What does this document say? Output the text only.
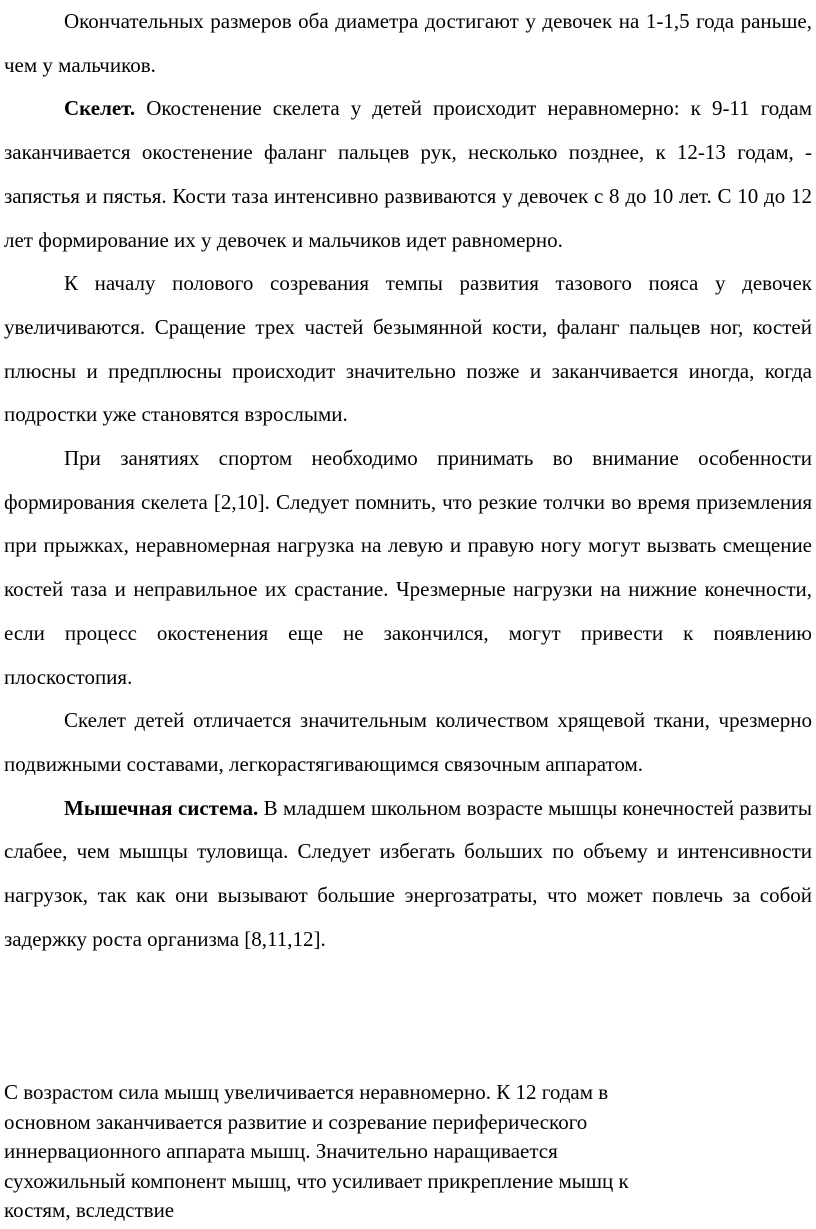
Окончательных размеров оба диаметра достигают у девочек на 1-1,5 года раньше, чем у мальчиков.

Скелет. Окостенение скелета у детей происходит неравномерно: к 9-11 годам заканчивается окостенение фаланг пальцев рук, несколько позднее, к 12-13 годам, - запястья и пястья. Кости таза интенсивно развиваются у девочек с 8 до 10 лет. С 10 до 12 лет формирование их у девочек и мальчиков идет равномерно.

К началу полового созревания темпы развития тазового пояса у девочек увеличиваются. Сращение трех частей безымянной кости, фаланг пальцев ног, костей плюсны и предплюсны происходит значительно позже и заканчивается иногда, когда подростки уже становятся взрослыми.

При занятиях спортом необходимо принимать во внимание особенности формирования скелета [2,10]. Следует помнить, что резкие толчки во время приземления при прыжках, неравномерная нагрузка на левую и правую ногу могут вызвать смещение костей таза и неправильное их срастание. Чрезмерные нагрузки на нижние конечности, если процесс окостенения еще не закончился, могут привести к появлению плоскостопия.

Скелет детей отличается значительным количеством хрящевой ткани, чрезмерно подвижными составами, легкорастягивающимся связочным аппаратом.

Мышечная система. В младшем школьном возрасте мышцы конечностей развиты слабее, чем мышцы туловища. Следует избегать больших по объему и интенсивности нагрузок, так как они вызывают большие энергозатраты, что может повлечь за собой задержку роста организма [8,11,12].

С возрастом сила мышц увеличивается неравномерно. К 12 годам в

основном заканчивается развитие и созревание периферического

иннервационного аппарата мышц. Значительно наращивается

сухожильный компонент мышц, что усиливает прикрепление мышц к

костям, вследствие
